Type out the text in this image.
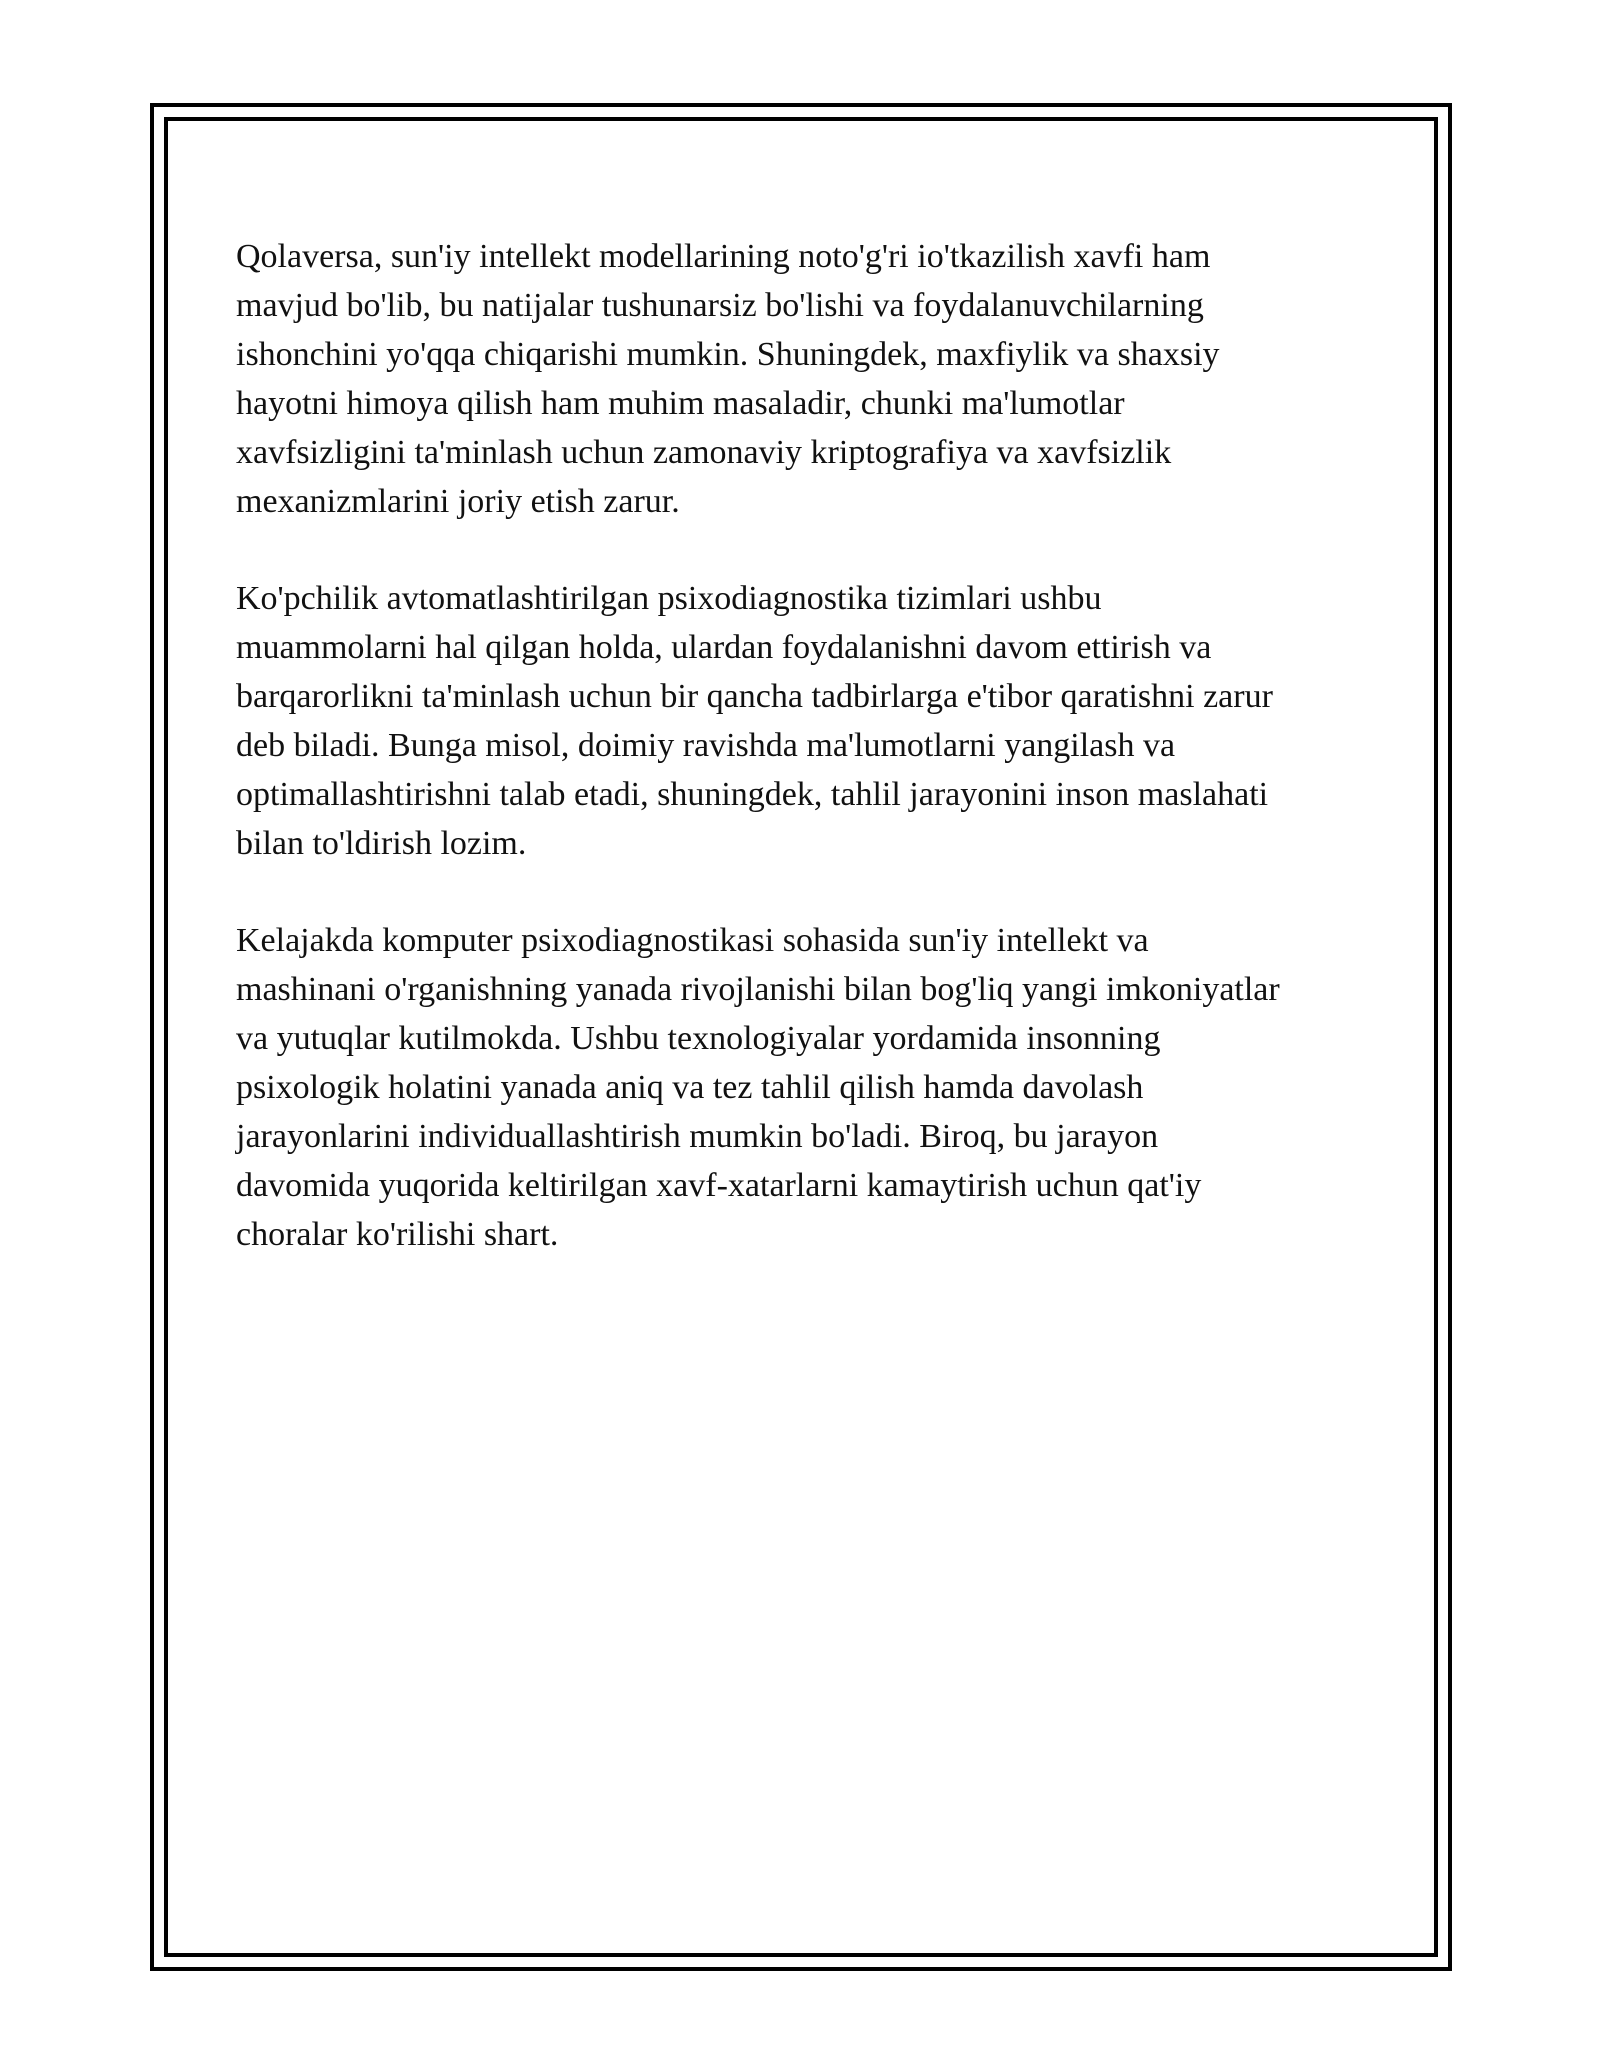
Qolaversa, sun'iy intellekt modellarining noto'g'ri io'tkazilish xavfi ham
mavjud bo'lib, bu natijalar tushunarsiz bo'lishi va foydalanuvchilarning
ishonchini yo'qqa chiqarishi mumkin. Shuningdek, maxfiylik va shaxsiy
hayotni himoya qilish ham muhim masaladir, chunki ma'lumotlar
xavfsizligini ta'minlash uchun zamonaviy kriptografiya va xavfsizlik
mexanizmlarini joriy etish zarur.

Ko'pchilik avtomatlashtirilgan psixodiagnostika tizimlari ushbu
muammolarni hal qilgan holda, ulardan foydalanishni davom ettirish va
barqarorlikni ta'minlash uchun bir qancha tadbirlarga e'tibor qaratishni zarur
deb biladi. Bunga misol, doimiy ravishda ma'lumotlarni yangilash va
optimallashtirishni talab etadi, shuningdek, tahlil jarayonini inson maslahati
bilan to'ldirish lozim.

Kelajakda komputer psixodiagnostikasi sohasida sun'iy intellekt va
mashinani o'rganishning yanada rivojlanishi bilan bog'liq yangi imkoniyatlar
va yutuqlar kutilmokda. Ushbu texnologiyalar yordamida insonning
psixologik holatini yanada aniq va tez tahlil qilish hamda davolash
jarayonlarini individuallashtirish mumkin bo'ladi. Biroq, bu jarayon
davomida yuqorida keltirilgan xavf-xatarlarni kamaytirish uchun qat'iy
choralar ko'rilishi shart.
